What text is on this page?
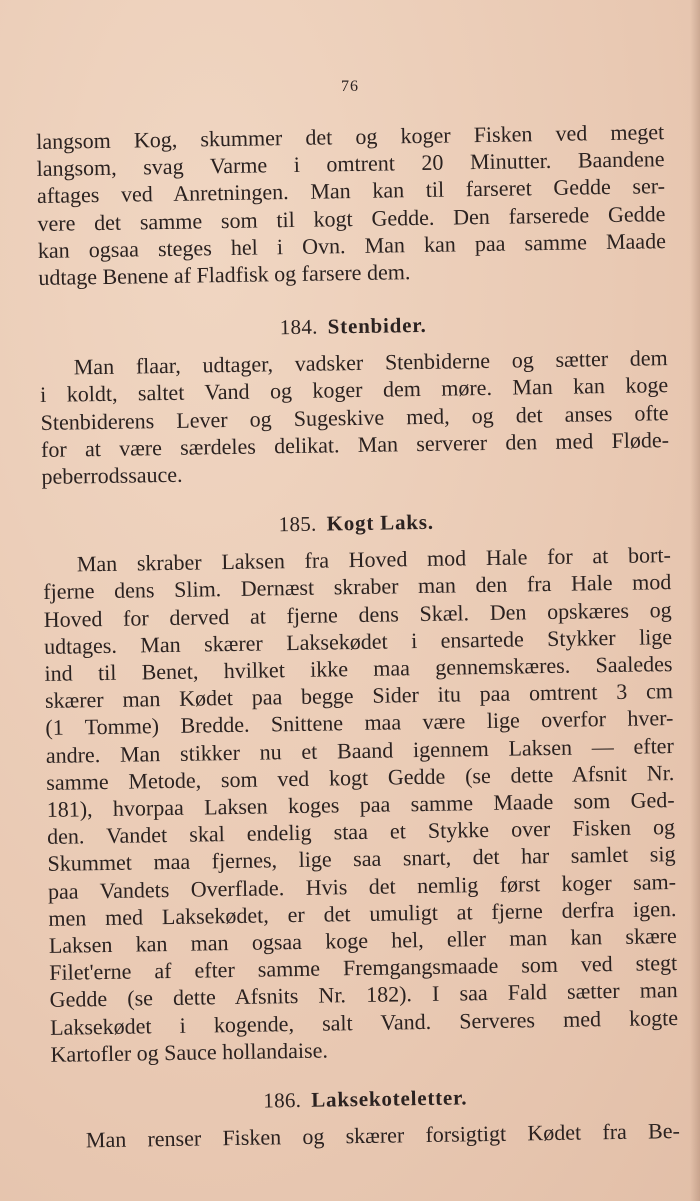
76

langsom Kog, skummer det og koger Fisken ved meget
langsom, svag Varme i omtrent 20 Minutter. Baandene
aftages ved Anretningen. Man kan til farseret Gedde ser-
vere det samme som til kogt Gedde. Den farserede Gedde
kan ogsaa steges hel i Ovn. Man kan paa samme Maade
udtage Benene af Fladfisk og farsere dem.

184. Stenbider.

Man flaar, udtager, vadsker Stenbiderne og sætter dem
i koldt, saltet Vand og koger dem møre. Man kan koge
Stenbiderens Lever og Sugeskive med, og det anses ofte
for at være særdeles delikat. Man serverer den med Fløde-
peberrodssauce.

185. Kogt Laks.

Man skraber Laksen fra Hoved mod Hale for at bort-
fjerne dens Slim. Dernæst skraber man den fra Hale mod
Hoved for derved at fjerne dens Skæl. Den opskæres og
udtages. Man skærer Laksekødet i ensartede Stykker lige
ind til Benet, hvilket ikke maa gennemskæres. Saaledes
skærer man Kødet paa begge Sider itu paa omtrent 3 cm
(1 Tomme) Bredde. Snittene maa være lige overfor hver-
andre. Man stikker nu et Baand igennem Laksen — efter
samme Metode, som ved kogt Gedde (se dette Afsnit Nr.
181), hvorpaa Laksen koges paa samme Maade som Ged-
den. Vandet skal endelig staa et Stykke over Fisken og
Skummet maa fjernes, lige saa snart, det har samlet sig
paa Vandets Overflade. Hvis det nemlig først koger sam-
men med Laksekødet, er det umuligt at fjerne derfra igen.
Laksen kan man ogsaa koge hel, eller man kan skære
Filet'erne af efter samme Fremgangsmaade som ved stegt
Gedde (se dette Afsnits Nr. 182). I saa Fald sætter man
Laksekødet i kogende, salt Vand. Serveres med kogte
Kartofler og Sauce hollandaise.

186. Laksekoteletter.

Man renser Fisken og skærer forsigtigt Kødet fra Be-
